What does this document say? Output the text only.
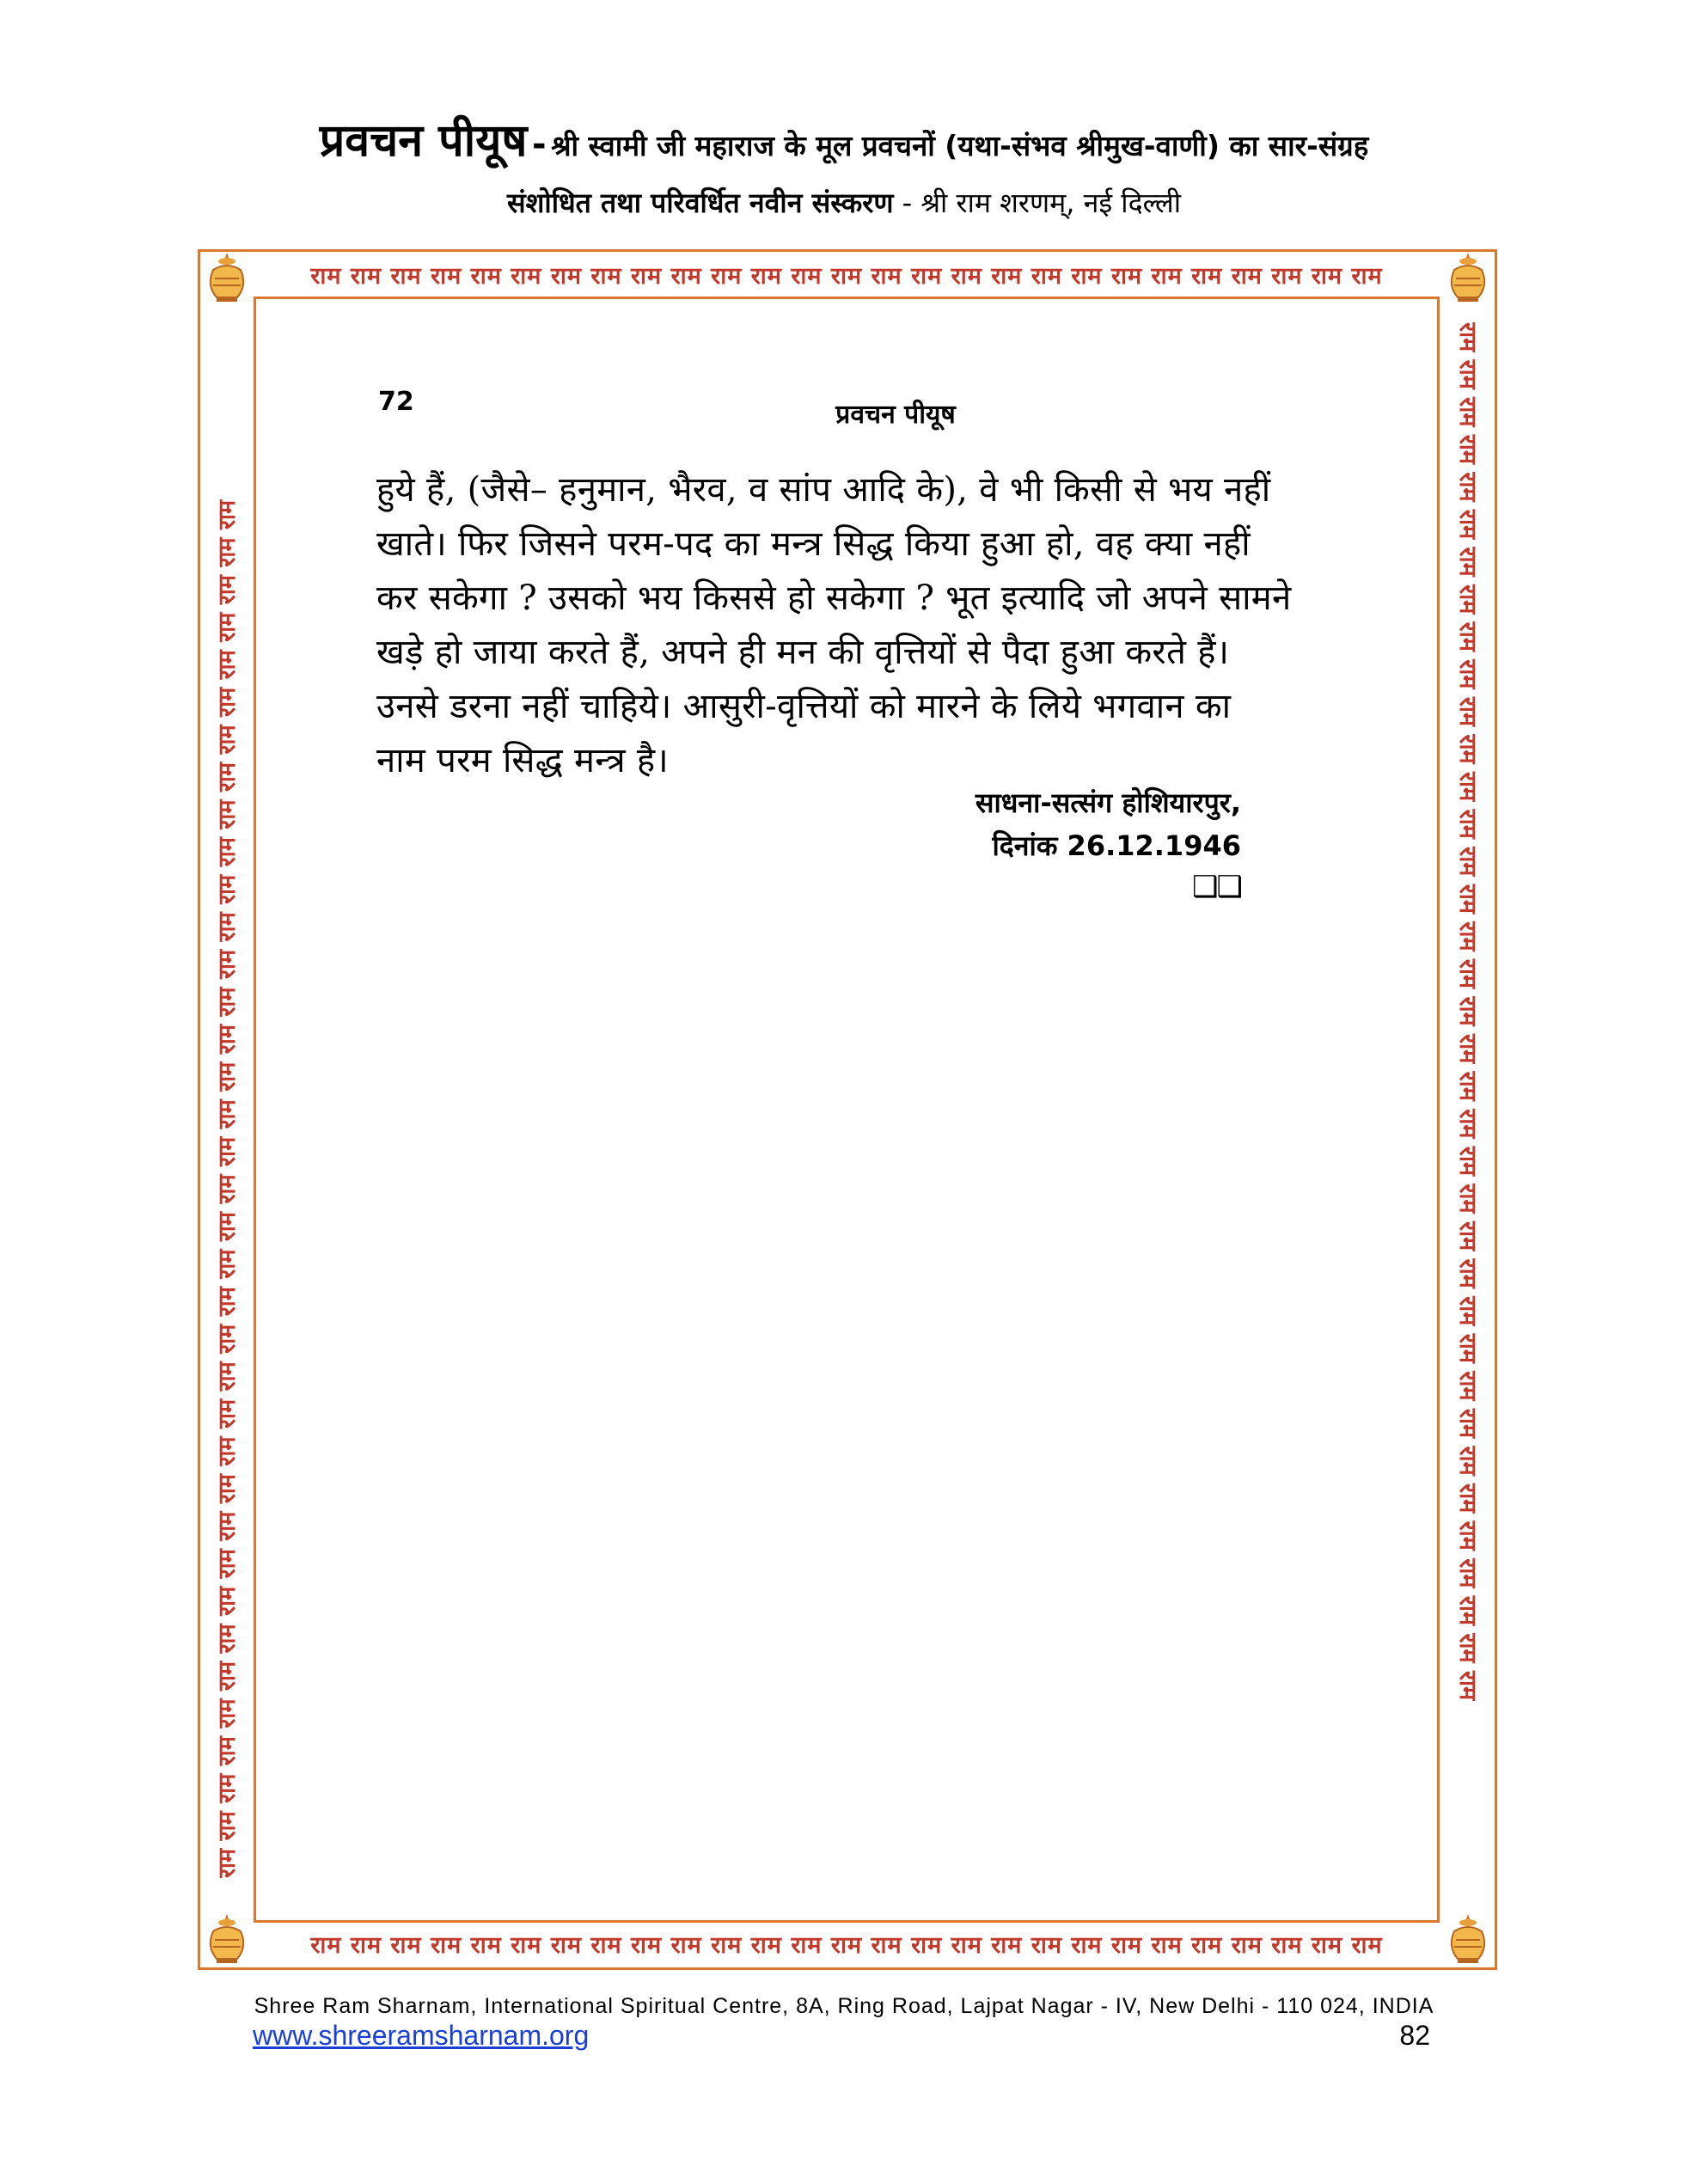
प्रवचन पीयूष - श्री स्वामी जी महाराज के मूल प्रवचनों (यथा-संभव श्रीमुख-वाणी) का सार-संग्रह
संशोधित तथा परिवर्धित नवीन संस्करण - श्री राम शरणम्, नई दिल्ली
राम राम राम राम राम राम राम राम राम राम राम राम राम राम राम राम राम राम राम राम राम राम राम राम राम राम राम
राम राम राम राम राम राम राम राम राम राम राम राम राम राम राम राम राम राम राम राम राम राम राम राम राम राम राम
राम राम राम राम राम राम राम राम राम राम राम राम राम राम राम राम राम राम राम राम राम राम राम राम राम राम राम राम राम राम राम राम राम राम राम राम राम	राम राम राम राम राम राम राम राम राम राम राम राम राम राम राम राम राम राम राम राम राम राम राम राम राम राम राम राम राम राम राम राम राम राम राम राम राम
72	प्रवचन पीयूष
हुये हैं, (जैसे– हनुमान, भैरव, व सांप आदि के), वे भी किसी से भय नहीं
खाते। फिर जिसने परम-पद का मन्त्र सिद्ध किया हुआ हो, वह क्या नहीं
कर सकेगा ? उसको भय किससे हो सकेगा ? भूत इत्यादि जो अपने सामने
खड़े हो जाया करते हैं, अपने ही मन की वृत्तियों से पैदा हुआ करते हैं।
उनसे डरना नहीं चाहिये। आसुरी-वृत्तियों को मारने के लिये भगवान का
नाम परम सिद्ध मन्त्र है।
साधना-सत्संग होशियारपुर,
दिनांक 26.12.1946
❑❑
Shree Ram Sharnam, International Spiritual Centre, 8A, Ring Road, Lajpat Nagar - IV, New Delhi - 110 024, INDIA
www.shreeramsharnam.org	82
